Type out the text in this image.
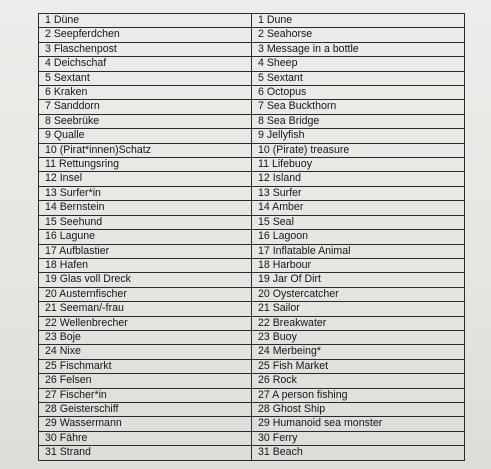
1 Düne	1 Dune
2 Seepferdchen	2 Seahorse
3 Flaschenpost	3 Message in a bottle
4 Deichschaf	4 Sheep
5 Sextant	5 Sextant
6 Kraken	6 Octopus
7 Sanddorn	7 Sea Buckthorn
8 Seebrüke	8 Sea Bridge
9 Qualle	9 Jellyfish
10 (Pirat*innen)Schatz	10 (Pirate) treasure
11 Rettungsring	11 Lifebuoy
12 Insel	12 Island
13 Surfer*in	13 Surfer
14 Bernstein	14 Amber
15 Seehund	15 Seal
16 Lagune	16 Lagoon
17 Aufblastier	17 Inflatable Animal
18 Hafen	18 Harbour
19 Glas voll Dreck	19 Jar Of Dirt
20 Austernfischer	20 Oystercatcher
21 Seeman/-frau	21 Sailor
22 Wellenbrecher	22 Breakwater
23 Boje	23 Buoy
24 Nixe	24 Merbeing*
25 Fischmarkt	25 Fish Market
26 Felsen	26 Rock
27 Fischer*in	27 A person fishing
28 Geisterschiff	28 Ghost Ship
29 Wassermann	29 Humanoid sea monster
30 Fähre	30 Ferry
31 Strand	31 Beach
